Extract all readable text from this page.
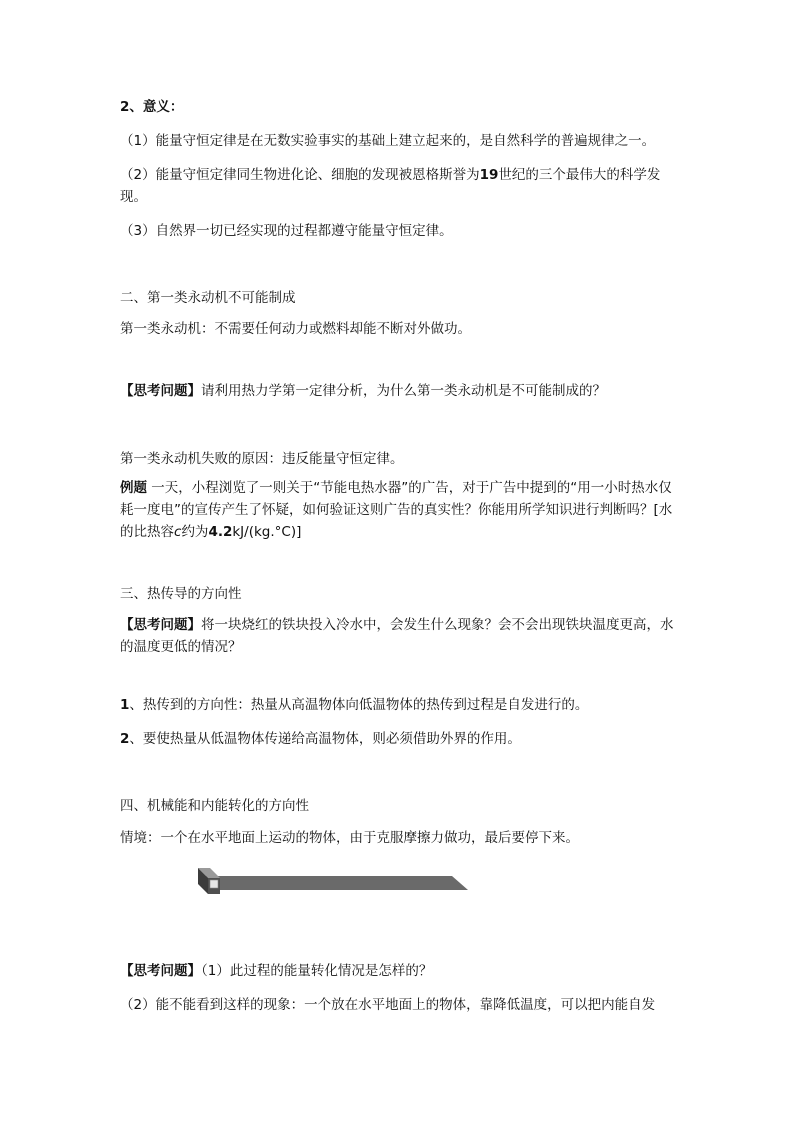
2、意义：

（1）能量守恒定律是在无数实验事实的基础上建立起来的，是自然科学的普遍规律之一。

（2）能量守恒定律同生物进化论、细胞的发现被恩格斯誉为19世纪的三个最伟大的科学发现。

（3）自然界一切已经实现的过程都遵守能量守恒定律。

二、第一类永动机不可能制成

第一类永动机：不需要任何动力或燃料却能不断对外做功。

【思考问题】请利用热力学第一定律分析，为什么第一类永动机是不可能制成的？

第一类永动机失败的原因：违反能量守恒定律。

例题 一天，小程浏览了一则关于“节能电热水器”的广告，对于广告中提到的“用一小时热水仅耗一度电”的宣传产生了怀疑，如何验证这则广告的真实性？你能用所学知识进行判断吗？[水的比热容c约为4.2kJ/(kg.°C)]

三、热传导的方向性

【思考问题】将一块烧红的铁块投入冷水中，会发生什么现象？会不会出现铁块温度更高，水的温度更低的情况？

1、热传到的方向性：热量从高温物体向低温物体的热传到过程是自发进行的。

2、要使热量从低温物体传递给高温物体，则必须借助外界的作用。

四、机械能和内能转化的方向性

情境：一个在水平地面上运动的物体，由于克服摩擦力做功，最后要停下来。

【思考问题】（1）此过程的能量转化情况是怎样的？

（2）能不能看到这样的现象：一个放在水平地面上的物体，靠降低温度，可以把内能自发
